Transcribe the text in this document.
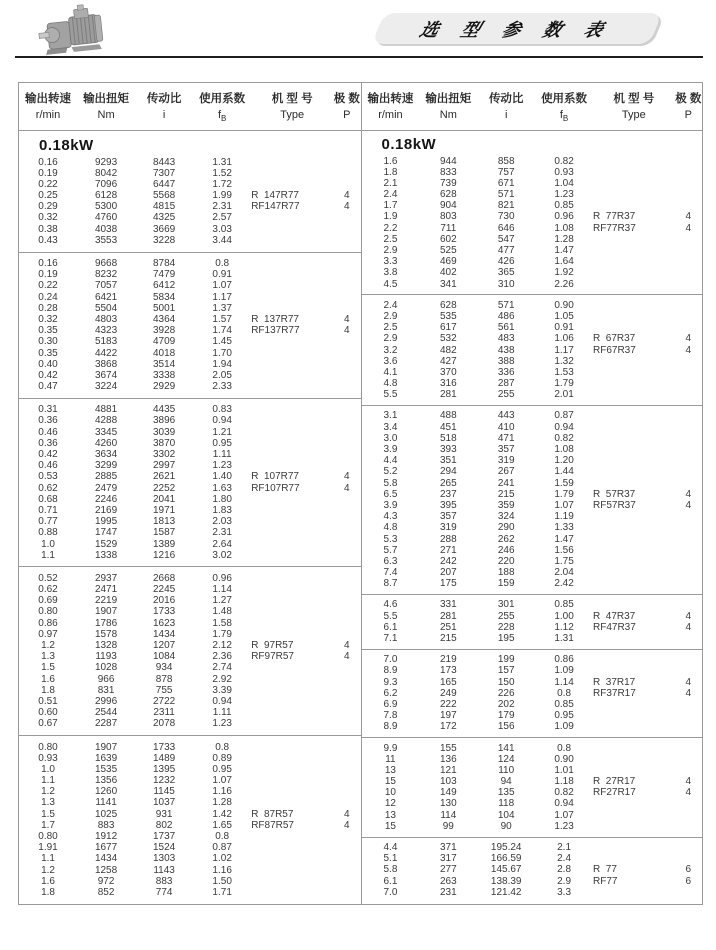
选 型 参 数 表
输出转速	输出扭矩	传动比	使用系数	机 型 号	极 数
r/min	Nm	i	$f_B$	Type	P
0.18kW
0.16	9293	8443	1.31
0.19	8042	7307	1.52
0.22	7096	6447	1.72
0.25	6128	5568	1.99	R  147R77	4
0.29	5300	4815	2.31	RF147R77	4
0.32	4760	4325	2.57
0.38	4038	3669	3.03
0.43	3553	3228	3.44
0.16	9668	8784	0.8
0.19	8232	7479	0.91
0.22	7057	6412	1.07
0.24	6421	5834	1.17
0.28	5504	5001	1.37
0.32	4803	4364	1.57	R  137R77	4
0.35	4323	3928	1.74	RF137R77	4
0.30	5183	4709	1.45
0.35	4422	4018	1.70
0.40	3868	3514	1.94
0.42	3674	3338	2.05
0.47	3224	2929	2.33
0.31	4881	4435	0.83
0.36	4288	3896	0.94
0.46	3345	3039	1.21
0.36	4260	3870	0.95
0.42	3634	3302	1.11
0.46	3299	2997	1.23
0.53	2885	2621	1.40	R  107R77	4
0.62	2479	2252	1.63	RF107R77	4
0.68	2246	2041	1.80
0.71	2169	1971	1.83
0.77	1995	1813	2.03
0.88	1747	1587	2.31
1.0	1529	1389	2.64
1.1	1338	1216	3.02
0.52	2937	2668	0.96
0.62	2471	2245	1.14
0.69	2219	2016	1.27
0.80	1907	1733	1.48
0.86	1786	1623	1.58
0.97	1578	1434	1.79
1.2	1328	1207	2.12	R  97R57	4
1.3	1193	1084	2.36	RF97R57	4
1.5	1028	934	2.74
1.6	966	878	2.92
1.8	831	755	3.39
0.51	2996	2722	0.94
0.60	2544	2311	1.11
0.67	2287	2078	1.23
0.80	1907	1733	0.8
0.93	1639	1489	0.89
1.0	1535	1395	0.95
1.1	1356	1232	1.07
1.2	1260	1145	1.16
1.3	1141	1037	1.28
1.5	1025	931	1.42	R  87R57	4
1.7	883	802	1.65	RF87R57	4
0.80	1912	1737	0.8
1.91	1677	1524	0.87
1.1	1434	1303	1.02
1.2	1258	1143	1.16
1.6	972	883	1.50
1.8	852	774	1.71
输出转速	输出扭矩	传动比	使用系数	机 型 号	极 数
r/min	Nm	i	$f_B$	Type	P
0.18kW
1.6	944	858	0.82
1.8	833	757	0.93
2.1	739	671	1.04
2.4	628	571	1.23
1.7	904	821	0.85
1.9	803	730	0.96	R  77R37	4
2.2	711	646	1.08	RF77R37	4
2.5	602	547	1.28
2.9	525	477	1.47
3.3	469	426	1.64
3.8	402	365	1.92
4.5	341	310	2.26
2.4	628	571	0.90
2.9	535	486	1.05
2.5	617	561	0.91
2.9	532	483	1.06	R  67R37	4
3.2	482	438	1.17	RF67R37	4
3.6	427	388	1.32
4.1	370	336	1.53
4.8	316	287	1.79
5.5	281	255	2.01
3.1	488	443	0.87
3.4	451	410	0.94
3.0	518	471	0.82
3.9	393	357	1.08
4.4	351	319	1.20
5.2	294	267	1.44
5.8	265	241	1.59
6.5	237	215	1.79	R  57R37	4
3.9	395	359	1.07	RF57R37	4
4.3	357	324	1.19
4.8	319	290	1.33
5.3	288	262	1.47
5.7	271	246	1.56
6.3	242	220	1.75
7.4	207	188	2.04
8.7	175	159	2.42
4.6	331	301	0.85
5.5	281	255	1.00	R  47R37	4
6.1	251	228	1.12	RF47R37	4
7.1	215	195	1.31
7.0	219	199	0.86
8.9	173	157	1.09
9.3	165	150	1.14	R  37R17	4
6.2	249	226	0.8	RF37R17	4
6.9	222	202	0.85
7.8	197	179	0.95
8.9	172	156	1.09
9.9	155	141	0.8
11	136	124	0.90
13	121	110	1.01
15	103	94	1.18	R  27R17	4
10	149	135	0.82	RF27R17	4
12	130	118	0.94
13	114	104	1.07
15	99	90	1.23
4.4	371	195.24	2.1
5.1	317	166.59	2.4
5.8	277	145.67	2.8	R  77	6
6.1	263	138.39	2.9	RF77	6
7.0	231	121.42	3.3
